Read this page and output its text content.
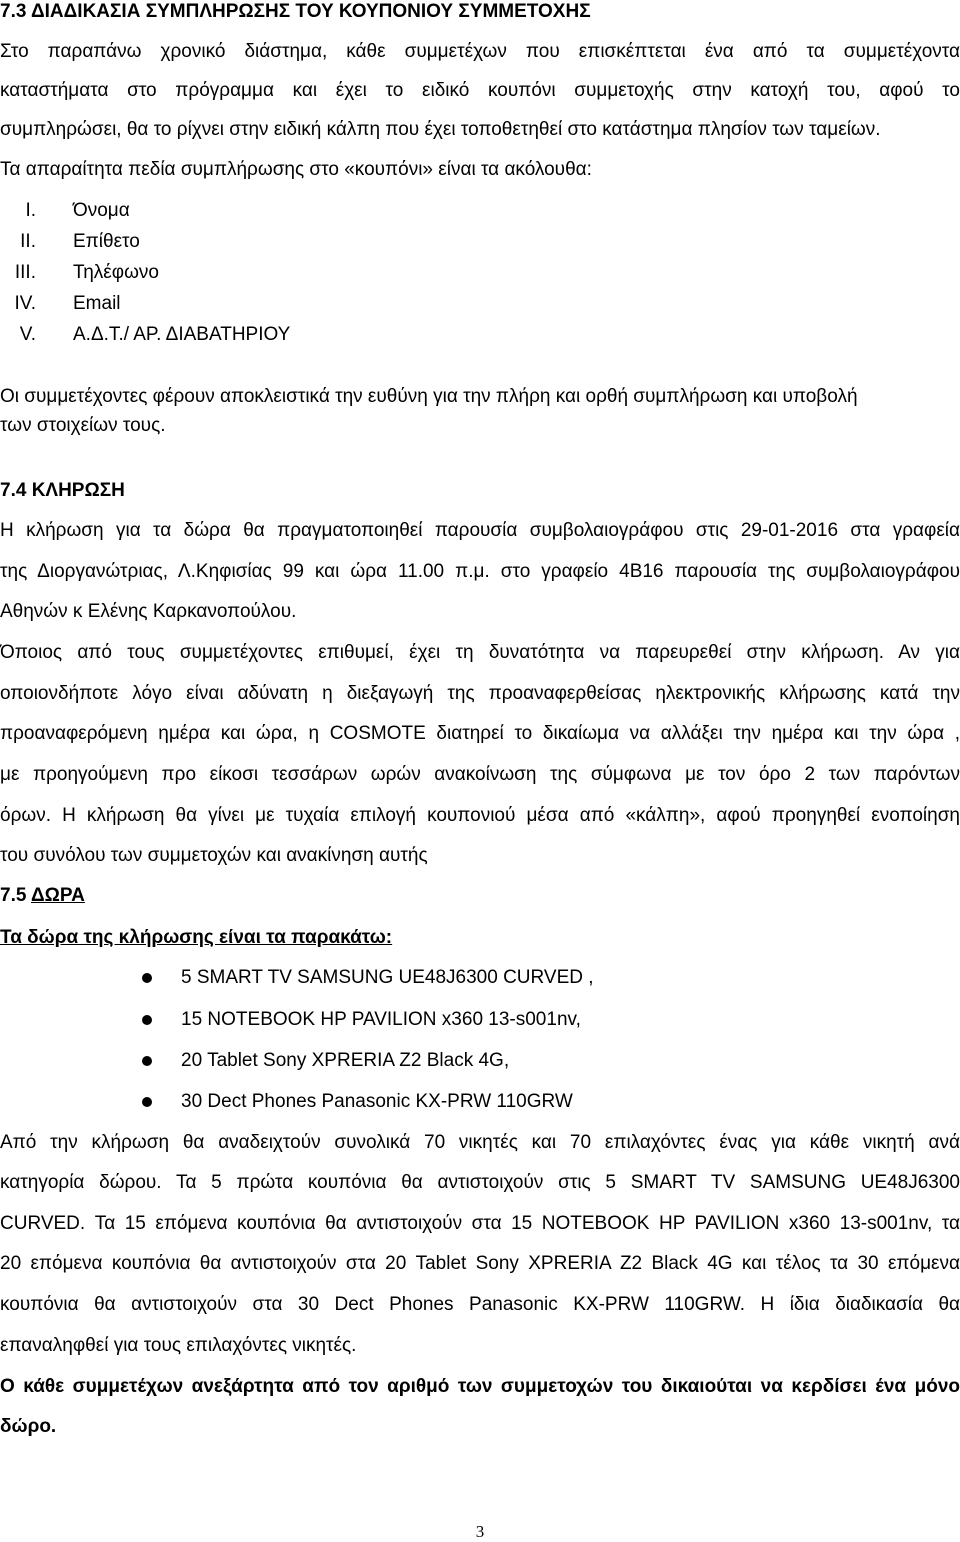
7.3 ΔΙΑΔΙΚΑΣΙΑ ΣΥΜΠΛΗΡΩΣΗΣ ΤΟΥ ΚΟΥΠΟΝΙΟΥ ΣΥΜΜΕΤΟΧΗΣ
Στο παραπάνω χρονικό διάστημα, κάθε συμμετέχων που επισκέπτεται ένα από τα συμμετέχοντα
καταστήματα στο πρόγραμμα και έχει το ειδικό κουπόνι συμμετοχής στην κατοχή του, αφού το
συμπληρώσει, θα το ρίχνει στην ειδική κάλπη που έχει τοποθετηθεί στο κατάστημα πλησίον των ταμείων.
Τα απαραίτητα πεδία συμπλήρωσης στο «κουπόνι» είναι τα ακόλουθα:
I. Όνομα
II. Επίθετο
III. Τηλέφωνο
IV. Email
V. Α.Δ.Τ./ ΑΡ. ΔΙΑΒΑΤΗΡΙΟΥ
Οι συμμετέχοντες φέρουν αποκλειστικά την ευθύνη για την πλήρη και ορθή συμπλήρωση και υποβολή
των στοιχείων τους.
7.4 ΚΛΗΡΩΣΗ
Η κλήρωση για τα δώρα θα πραγματοποιηθεί παρουσία συμβολαιογράφου στις 29-01-2016 στα γραφεία
της Διοργανώτριας, Λ.Κηφισίας 99 και ώρα 11.00 π.μ. στο γραφείο 4Β16 παρουσία της συμβολαιογράφου
Αθηνών κ Ελένης Καρκανοπούλου.
Όποιος από τους συμμετέχοντες επιθυμεί, έχει τη δυνατότητα να παρευρεθεί στην κλήρωση. Αν για
οποιονδήποτε λόγο είναι αδύνατη η διεξαγωγή της προαναφερθείσας ηλεκτρονικής κλήρωσης κατά την
προαναφερόμενη ημέρα και ώρα, η COSMOTE διατηρεί το δικαίωμα να αλλάξει την ημέρα και την ώρα ,
με προηγούμενη προ είκοσι τεσσάρων ωρών ανακοίνωση της σύμφωνα με τον όρο 2 των παρόντων
όρων. Η κλήρωση θα γίνει με τυχαία επιλογή κουπονιού μέσα από «κάλπη», αφού προηγηθεί ενοποίηση
του συνόλου των συμμετοχών και ανακίνηση αυτής
7.5 ΔΩΡΑ
Τα δώρα της κλήρωσης είναι τα παρακάτω:
5 SMART TV SAMSUNG UE48J6300 CURVED ,
15 NOTEBOOK HP PAVILION x360 13-s001nv,
20 Tablet Sony XPRERIA Z2 Black 4G,
30 Dect Phones Panasonic KX-PRW 110GRW
Από την κλήρωση θα αναδειχτούν συνολικά 70 νικητές και 70 επιλαχόντες ένας για κάθε νικητή ανά
κατηγορία δώρου. Τα 5 πρώτα κουπόνια θα αντιστοιχούν στις 5 SMART TV SAMSUNG UE48J6300
CURVED. Τα 15 επόμενα κουπόνια θα αντιστοιχούν στα 15 NOTEBOOK HP PAVILION x360 13-s001nv, τα
20 επόμενα κουπόνια θα αντιστοιχούν στα 20 Tablet Sony XPRERIA Z2 Black 4G και τέλος τα 30 επόμενα
κουπόνια θα αντιστοιχούν στα 30 Dect Phones Panasonic KX-PRW 110GRW. Η ίδια διαδικασία θα
επαναληφθεί για τους επιλαχόντες νικητές.
Ο κάθε συμμετέχων ανεξάρτητα από τον αριθμό των συμμετοχών του δικαιούται να κερδίσει ένα μόνο
δώρο.
3
